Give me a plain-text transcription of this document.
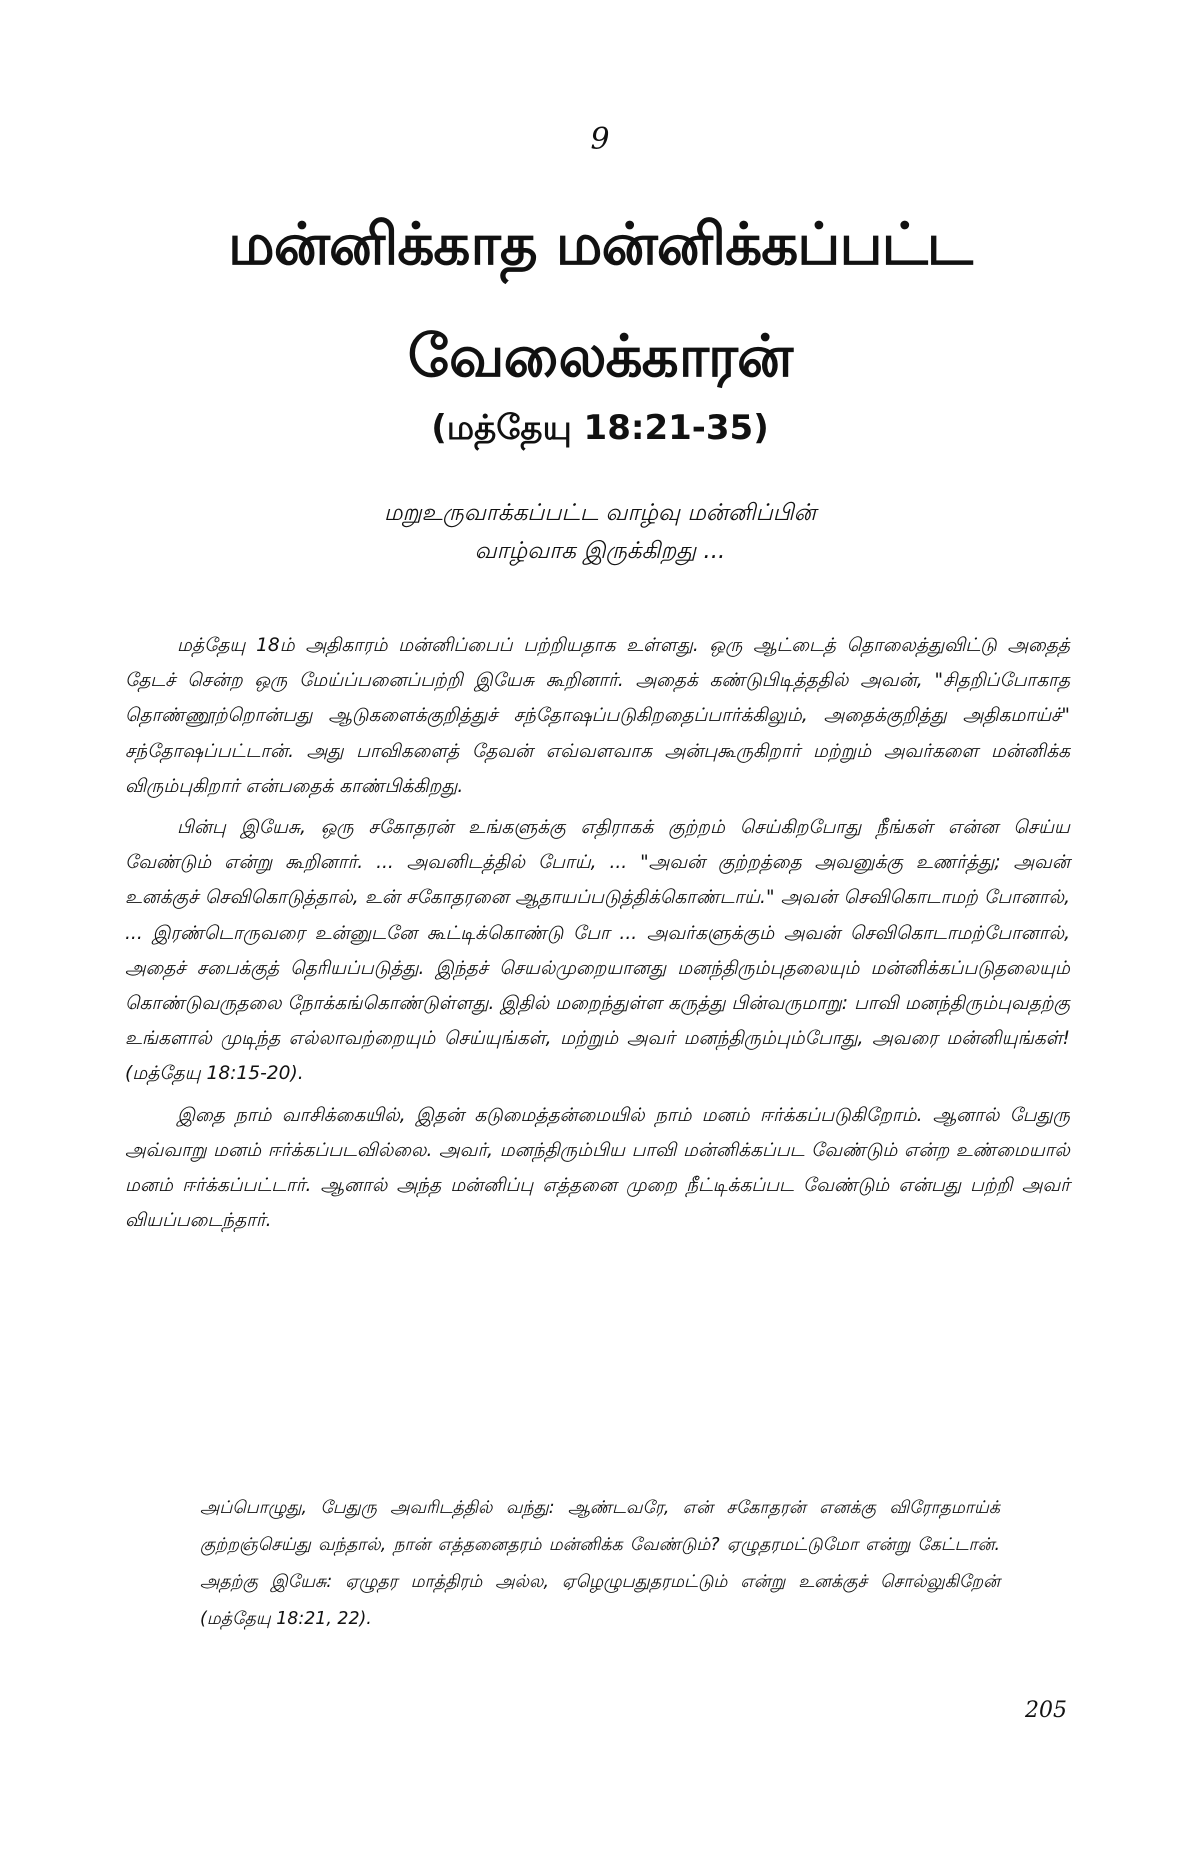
9
மன்னிக்காத மன்னிக்கப்பட்ட
வேலைக்காரன்
(மத்தேயு 18:21-35)
மறுஉருவாக்கப்பட்ட வாழ்வு மன்னிப்பின்
வாழ்வாக இருக்கிறது ...

மத்தேயு 18ம் அதிகாரம் மன்னிப்பைப் பற்றியதாக உள்ளது. ஒரு ஆட்டைத் தொலைத்துவிட்டு அதைத் தேடச் சென்ற ஒரு மேய்ப்பனைப்பற்றி இயேசு கூறினார். அதைக் கண்டுபிடித்ததில் அவன், "சிதறிப்போகாத தொண்ணூற்றொன்பது ஆடுகளைக்குறித்துச் சந்தோஷப்படுகிறதைப்பார்க்கிலும், அதைக்குறித்து அதிகமாய்ச்" சந்தோஷப்பட்டான். அது பாவிகளைத் தேவன் எவ்வளவாக அன்புகூருகிறார் மற்றும் அவர்களை மன்னிக்க விரும்புகிறார் என்பதைக் காண்பிக்கிறது.

பின்பு இயேசு, ஒரு சகோதரன் உங்களுக்கு எதிராகக் குற்றம் செய்கிறபோது நீங்கள் என்ன செய்ய வேண்டும் என்று கூறினார். ... அவனிடத்தில் போய், ... "அவன் குற்றத்தை அவனுக்கு உணர்த்து; அவன் உனக்குச் செவிகொடுத்தால், உன் சகோதரனை ஆதாயப்படுத்திக்கொண்டாய்." அவன் செவிகொடாமற் போனால், ... இரண்டொருவரை உன்னுடனே கூட்டிக்கொண்டு போ ... அவர்களுக்கும் அவன் செவிகொடாமற்போனால், அதைச் சபைக்குத் தெரியப்படுத்து. இந்தச் செயல்முறையானது மனந்திரும்புதலையும் மன்னிக்கப்படுதலையும் கொண்டுவருதலை நோக்கங்கொண்டுள்ளது. இதில் மறைந்துள்ள கருத்து பின்வருமாறு: பாவி மனந்திரும்புவதற்கு உங்களால் முடிந்த எல்லாவற்றையும் செய்யுங்கள், மற்றும் அவர் மனந்திரும்பும்போது, அவரை மன்னியுங்கள்! (மத்தேயு 18:15-20).

இதை நாம் வாசிக்கையில், இதன் கடுமைத்தன்மையில் நாம் மனம் ஈர்க்கப்படுகிறோம். ஆனால் பேதுரு அவ்வாறு மனம் ஈர்க்கப்படவில்லை. அவர், மனந்திரும்பிய பாவி மன்னிக்கப்பட வேண்டும் என்ற உண்மையால் மனம் ஈர்க்கப்பட்டார். ஆனால் அந்த மன்னிப்பு எத்தனை முறை நீட்டிக்கப்பட வேண்டும் என்பது பற்றி அவர் வியப்படைந்தார்.

அப்பொழுது, பேதுரு அவரிடத்தில் வந்து: ஆண்டவரே, என் சகோதரன் எனக்கு விரோதமாய்க் குற்றஞ்செய்து வந்தால், நான் எத்தனைதரம் மன்னிக்க வேண்டும்? ஏழுதரமட்டுமோ என்று கேட்டான். அதற்கு இயேசு: ஏழுதர மாத்திரம் அல்ல, ஏழெழுபதுதரமட்டும் என்று உனக்குச் சொல்லுகிறேன் (மத்தேயு 18:21, 22).
205
